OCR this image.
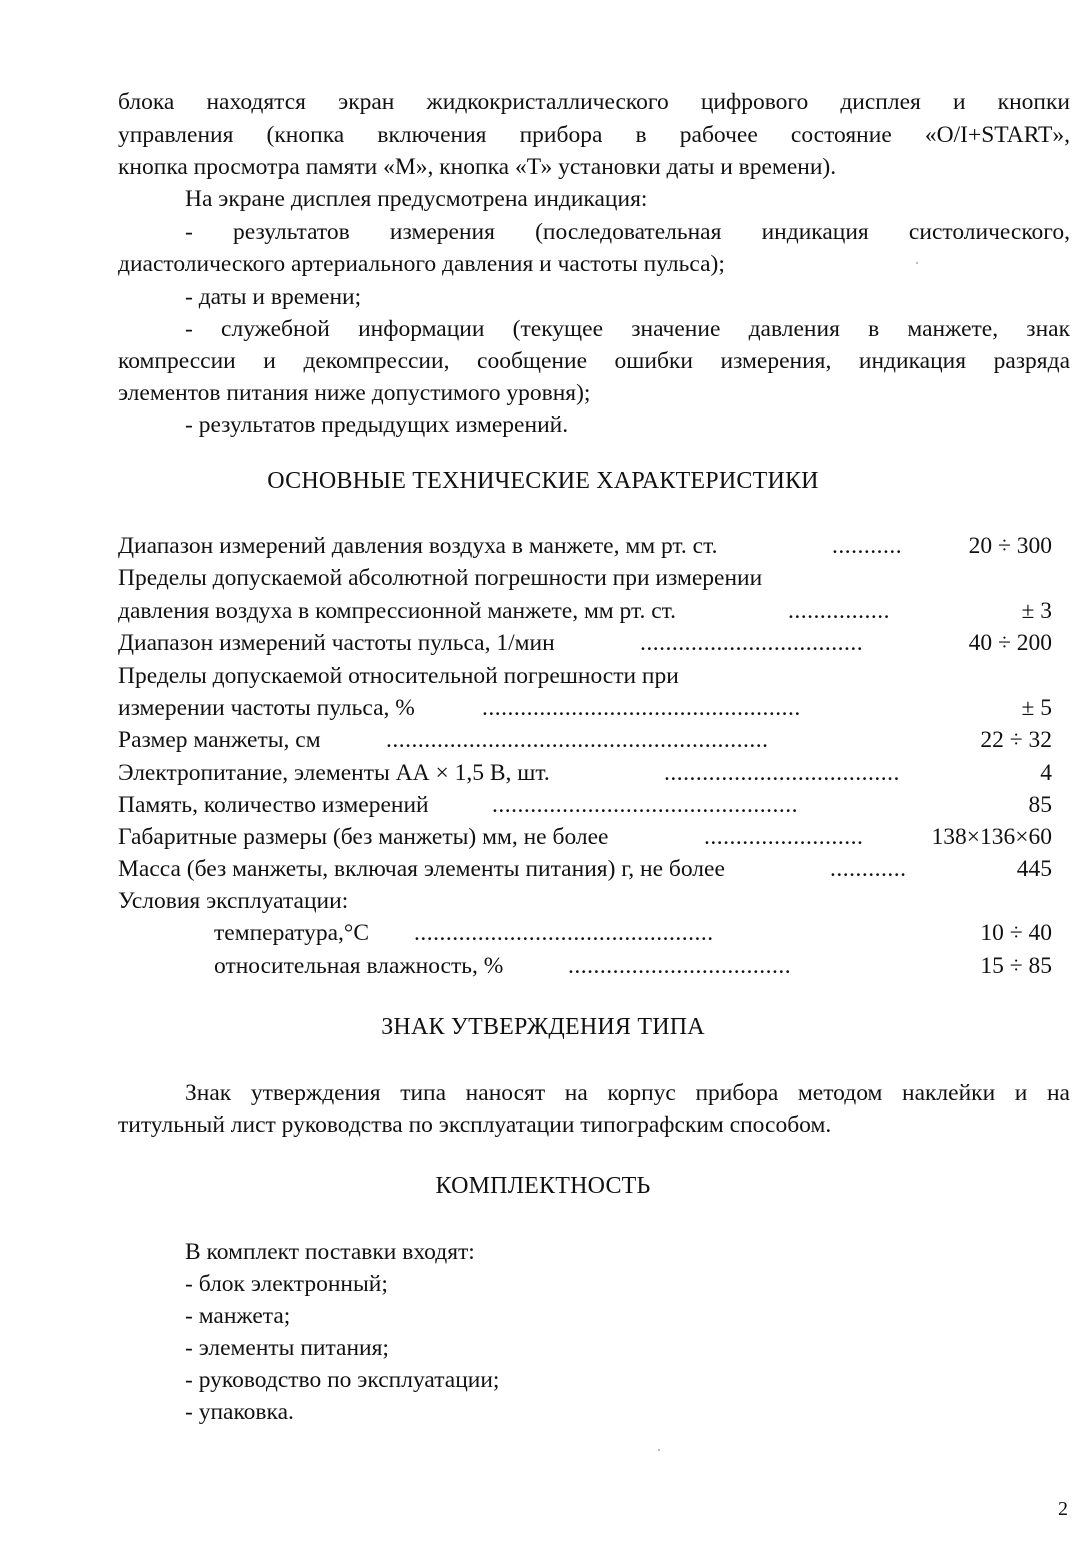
блока находятся экран жидкокристаллического цифрового дисплея и кнопки
управления (кнопка включения прибора в рабочее состояние «O/I+START»,
кнопка просмотра памяти «М», кнопка «Т» установки даты и времени).
На экране дисплея предусмотрена индикация:
- результатов измерения (последовательная индикация систолического,
диастолического артериального давления и частоты пульса);
- даты и времени;
- служебной информации (текущее значение давления в манжете, знак
компрессии и декомпрессии, сообщение ошибки измерения, индикация разряда
элементов питания ниже допустимого уровня);
- результатов предыдущих измерений.
ОСНОВНЫЕ ТЕХНИЧЕСКИЕ ХАРАКТЕРИСТИКИ
Диапазон измерений давления воздуха в манжете, мм рт. ст.	...........	20 ÷ 300
Пределы допускаемой абсолютной погрешности при измерении
давления воздуха в компрессионной манжете, мм рт. ст.	................	± 3
Диапазон измерений частоты пульса, 1/мин	...................................	40 ÷ 200
Пределы допускаемой относительной погрешности при
измерении частоты пульса, %	..................................................	± 5
Размер манжеты, см	............................................................	22 ÷ 32
Электропитание, элементы АА × 1,5 В, шт.	.....................................	4
Память, количество измерений	................................................	85
Габаритные размеры (без манжеты) мм, не более	.........................	138×136×60
Масса (без манжеты, включая элементы питания) г, не более	............	445
Условия эксплуатации:
температура,°С ...............................................	10 ÷ 40
относительная влажность, %	...................................	15 ÷ 85
ЗНАК УТВЕРЖДЕНИЯ ТИПА
Знак утверждения типа наносят на корпус прибора методом наклейки и на
титульный лист руководства по эксплуатации типографским способом.
КОМПЛЕКТНОСТЬ
В комплект поставки входят:
- блок электронный;
- манжета;
- элементы питания;
- руководство по эксплуатации;
- упаковка.
2
